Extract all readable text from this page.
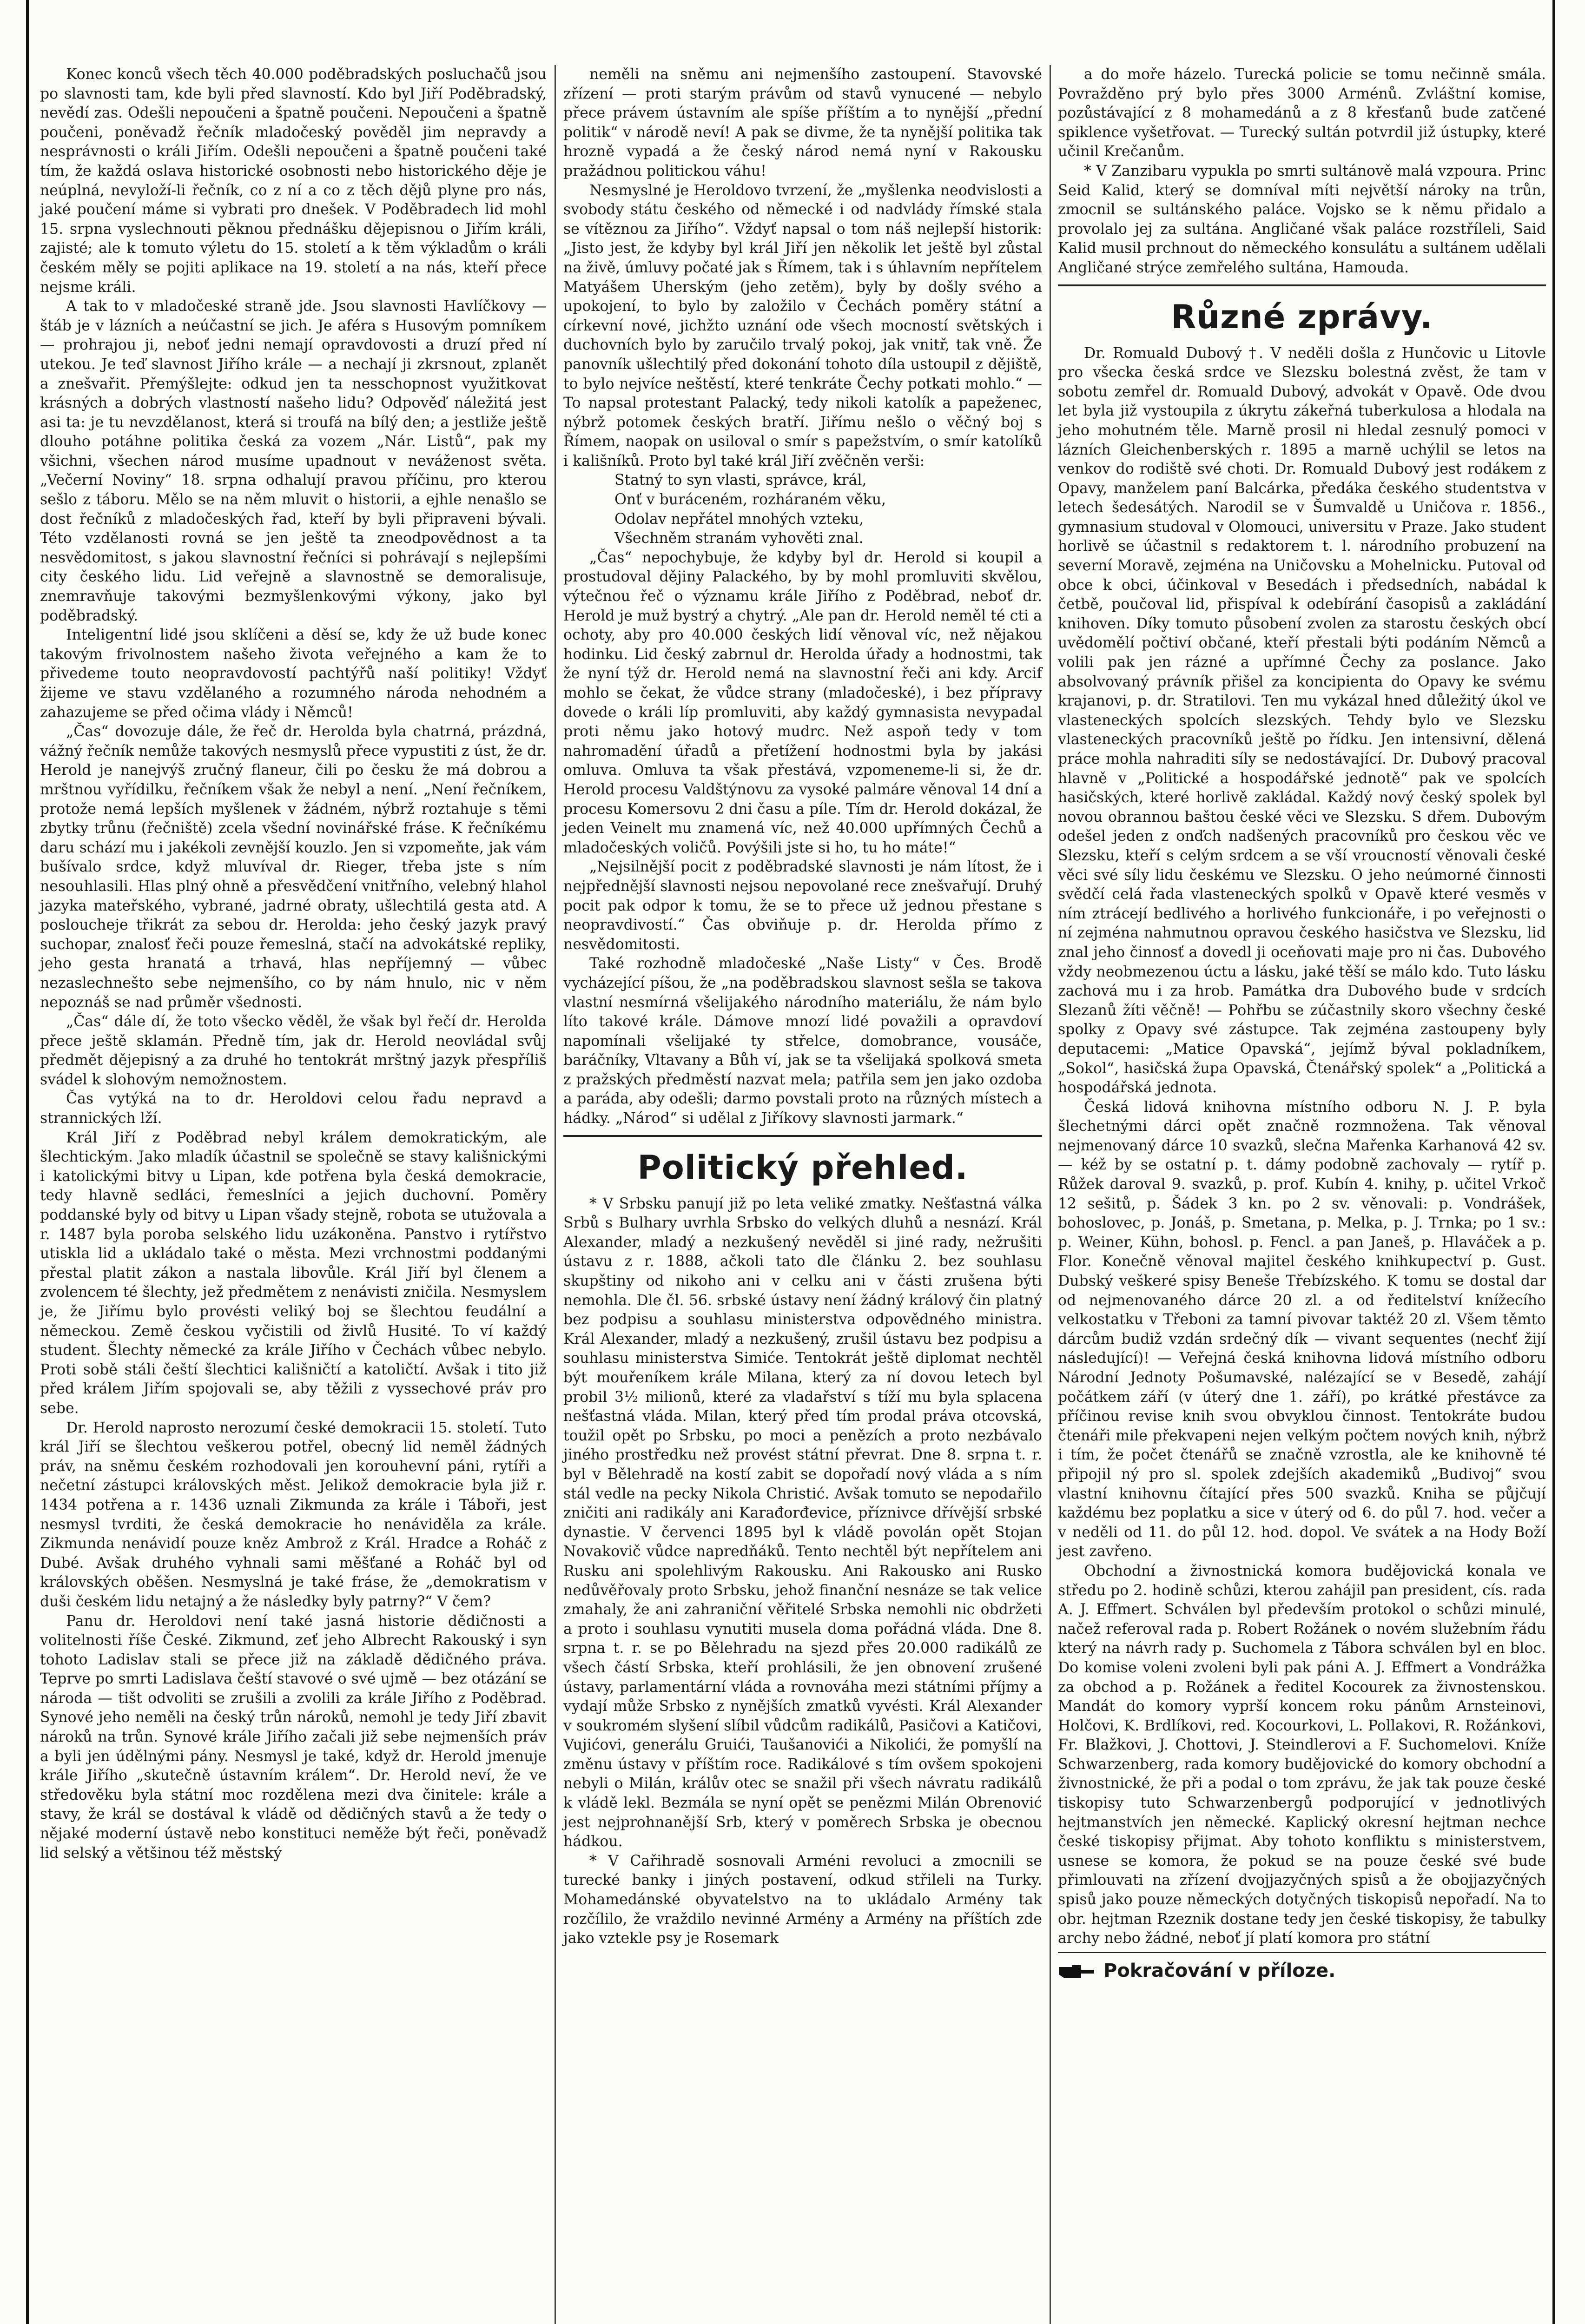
Konec konců všech těch 40.000 poděbradských posluchačů jsou po slavnosti tam, kde byli před slavností. Kdo byl Jiří Poděbradský, nevědí zas. Odešli nepoučeni a špatně poučeni. Nepoučeni a špatně poučeni, poněvadž řečník mladočeský pověděl jim nepravdy a nesprávnosti o králi Jiřím. Odešli nepoučeni a špatně poučeni také tím, že každá oslava historické osobnosti nebo historického děje je neúplná, nevyloží-li řečník, co z ní a co z těch dějů plyne pro nás, jaké poučení máme si vybrati pro dnešek. V Poděbradech lid mohl 15. srpna vyslechnouti pěknou přednášku dějepisnou o Jiřím králi, zajisté; ale k tomuto výletu do 15. století a k těm výkladům o králi českém měly se pojiti aplikace na 19. století a na nás, kteří přece nejsme králi.

A tak to v mladočeské straně jde. Jsou slavnosti Havlíčkovy — štáb je v lázních a neúčastní se jich. Je aféra s Husovým pomníkem — prohrajou ji, neboť jedni nemají opravdovosti a druzí před ní utekou. Je teď slavnost Jiřího krále — a nechají ji zkrsnout, zplanět a znešvařit. Přemýšlejte: odkud jen ta nesschopnost využitkovat krásných a dobrých vlastností našeho lidu? Odpověď náležitá jest asi ta: je tu nevzdělanost, která si troufá na bílý den; a jestliže ještě dlouho potáhne politika česká za vozem „Nár. Listů“, pak my všichni, všechen národ musíme upadnout v neváženost světa. „Večerní Noviny“ 18. srpna odhalují pravou příčinu, pro kterou sešlo z táboru. Mělo se na něm mluvit o historii, a ejhle nenašlo se dost řečníků z mladočeských řad, kteří by byli připraveni bývali. Této vzdělanosti rovná se jen ještě ta zneodpovědnost a ta nesvědomitost, s jakou slavnostní řečníci si pohrávají s nejlepšími city českého lidu. Lid veřejně a slavnostně se demoralisuje, znemravňuje takovými bezmyšlenkovými výkony, jako byl poděbradský.

Inteligentní lidé jsou sklíčeni a děsí se, kdy že už bude konec takovým frivolnostem našeho života veřejného a kam že to přivedeme touto neopravdovostí pachtýřů naší politiky! Vždyť žijeme ve stavu vzdělaného a rozumného národa nehodném a zahazujeme se před očima vlády i Němců!

„Čas“ dovozuje dále, že řeč dr. Herolda byla chatrná, prázdná, vážný řečník nemůže takových nesmyslů přece vypustiti z úst, že dr. Herold je nanejvýš zručný flaneur, čili po česku že má dobrou a mrštnou vyřídilku, řečníkem však že nebyl a není. „Není řečníkem, protože nemá lepších myšlenek v žádném, nýbrž roztahuje s těmi zbytky trůnu (řečniště) zcela všední novinářské fráse. K řečníkému daru schází mu i jakékoli zevnější kouzlo. Jen si vzpomeňte, jak vám bušívalo srdce, když mluvíval dr. Rieger, třeba jste s ním nesouhlasili. Hlas plný ohně a přesvědčení vnitřního, velebný hlahol jazyka mateřského, vybrané, jadrné obraty, ušlechtilá gesta atd. A posloucheje třikrát za sebou dr. Herolda: jeho český jazyk pravý suchopar, znalosť řeči pouze řemeslná, stačí na advokátské repliky, jeho gesta hranatá a trhavá, hlas nepříjemný — vůbec nezaslechnešto sebe nejmenšího, co by nám hnulo, nic v něm nepoznáš se nad průměr všednosti.

„Čas“ dále dí, že toto všecko věděl, že však byl řečí dr. Herolda přece ještě sklamán. Předně tím, jak dr. Herold neovládal svůj předmět dějepisný a za druhé ho tentokrát mrštný jazyk přespříliš svádel k slohovým nemožnostem.

Čas vytýká na to dr. Heroldovi celou řadu nepravd a strannických lží.

Král Jiří z Poděbrad nebyl králem demokratickým, ale šlechtickým. Jako mladík účastnil se společně se stavy kališnickými i katolickými bitvy u Lipan, kde potřena byla česká demokracie, tedy hlavně sedláci, řemeslníci a jejich duchovní. Poměry poddanské byly od bitvy u Lipan všady stejně, robota se utužovala a r. 1487 byla poroba selského lidu uzákoněna. Panstvo i rytířstvo utiskla lid a ukládalo také o města. Mezi vrchnostmi poddanými přestal platit zákon a nastala libovůle. Král Jiří byl členem a zvolencem té šlechty, jež předmětem z nenávisti zničila. Nesmyslem je, že Jiřímu bylo provésti veliký boj se šlechtou feudální a německou. Země českou vyčistili od živlů Husité. To ví každý student. Šlechty německé za krále Jiřího v Čechách vůbec nebylo. Proti sobě stáli čeští šlechtici kališničtí a katoličtí. Avšak i tito již před králem Jiřím spojovali se, aby těžili z vyssechové práv pro sebe.

Dr. Herold naprosto nerozumí české demokracii 15. století. Tuto král Jiří se šlechtou veškerou potřel, obecný lid neměl žádných práv, na sněmu českém rozhodovali jen korouhevní páni, rytíři a nečetní zástupci královských měst. Jelikož demokracie byla již r. 1434 potřena a r. 1436 uznali Zikmunda za krále i Táboři, jest nesmysl tvrditi, že česká demokracie ho nenáviděla za krále. Zikmunda nenávidí pouze kněz Ambrož z Král. Hradce a Roháč z Dubé. Avšak druhého vyhnali sami měšťané a Roháč byl od královských oběšen. Nesmyslná je také fráse, že „demokratism v duši českém lidu netajný a že následky byly patrny?“ V čem?

Panu dr. Heroldovi není také jasná historie dědičnosti a volitelnosti říše České. Zikmund, zeť jeho Albrecht Rakouský i syn tohoto Ladislav stali se přece již na základě dědičného práva. Teprve po smrti Ladislava čeští stavové o své ujmě — bez otázání se národa — tišt odvoliti se zrušili a zvolili za krále Jiřího z Poděbrad. Synové jeho neměli na český trůn nároků, nemohl je tedy Jiří zbavit nároků na trůn. Synové krále Jiřího začali již sebe nejmenších práv a byli jen údělnými pány. Nesmysl je také, když dr. Herold jmenuje krále Jiřího „skutečně ústavním králem“. Dr. Herold neví, že ve středověku byla státní moc rozdělena mezi dva činitele: krále a stavy, že král se dostával k vládě od dědičných stavů a že tedy o nějaké moderní ústavě nebo konstituci neměže být řeči, poněvadž lid selský a většinou též městský

neměli na sněmu ani nejmenšího zastoupení. Stavovské zřízení — proti starým právům od stavů vynucené — nebylo přece právem ústavním ale spíše příštím a to nynější „přední politik“ v národě neví! A pak se divme, že ta nynější politika tak hrozně vypadá a že český národ nemá nyní v Rakousku pražádnou politickou váhu!

Nesmyslné je Heroldovo tvrzení, že „myšlenka neodvislosti a svobody státu českého od německé i od nadvlády římské stala se vítěznou za Jiřího“. Vždyť napsal o tom náš nejlepší historik: „Jisto jest, že kdyby byl král Jiří jen několik let ještě byl zůstal na živě, úmluvy počaté jak s Římem, tak i s úhlavním nepřítelem Matyášem Uherským (jeho zetěm), byly by došly svého a upokojení, to bylo by založilo v Čechách poměry státní a církevní nové, jichžto uznání ode všech mocností světských i duchovních bylo by zaručilo trvalý pokoj, jak vnitř, tak vně. Že panovník ušlechtilý před dokonání tohoto díla ustoupil z dějiště, to bylo nejvíce neštěstí, které tenkráte Čechy potkati mohlo.“ — To napsal protestant Palacký, tedy nikoli katolík a papeženec, nýbrž potomek českých bratří. Jiřímu nešlo o věčný boj s Římem, naopak on usiloval o smír s papežstvím, o smír katolíků i kališníků. Proto byl také král Jiří zvěčněn verši:

Statný to syn vlasti, správce, král,
Onť v buráceném, rozháraném věku,
Odolav nepřátel mnohých vzteku,
Všechněm stranám vyhověti znal.

„Čas“ nepochybuje, že kdyby byl dr. Herold si koupil a prostudoval dějiny Palackého, by by mohl promluviti skvělou, výtečnou řeč o významu krále Jiřího z Poděbrad, neboť dr. Herold je muž bystrý a chytrý. „Ale pan dr. Herold neměl té cti a ochoty, aby pro 40.000 českých lidí věnoval víc, než nějakou hodinku. Lid český zabrnul dr. Herolda úřady a hodnostmi, tak že nyní týž dr. Herold nemá na slavnostní řeči ani kdy. Arcif mohlo se čekat, že vůdce strany (mladočeské), i bez přípravy dovede o králi líp promluviti, aby každý gymnasista nevypadal proti němu jako hotový mudrc. Než aspoň tedy v tom nahromadění úřadů a přetížení hodnostmi byla by jakási omluva. Omluva ta však přestává, vzpomeneme-li si, že dr. Herold procesu Valdštýnovu za vysoké palmáre věnoval 14 dní a procesu Komersovu 2 dni času a píle. Tím dr. Herold dokázal, že jeden Veinelt mu znamená víc, než 40.000 upřímných Čechů a mladočeských voličů. Povýšili jste si ho, tu ho máte!“

„Nejsilnější pocit z poděbradské slavnosti je nám lítost, že i nejpřednější slavnosti nejsou nepovolané rece znešvařují. Druhý pocit pak odpor k tomu, že se to přece už jednou přestane s neopravdivostí.“ Čas obviňuje p. dr. Herolda přímo z nesvědomitosti.

Také rozhodně mladočeské „Naše Listy“ v Čes. Brodě vycházející píšou, že „na poděbradskou slavnost sešla se takova vlastní nesmírná všelijakého národního materiálu, že nám bylo líto takové krále. Dámove mnozí lidé považili a opravdoví napomínali všelijaké ty střelce, domobrance, vousáče, baráčníky, Vltavany a Bůh ví, jak se ta všelijaká spolková smeta z pražských předměstí nazvat mela; patřila sem jen jako ozdoba a paráda, aby odešli; darmo povstali proto na různých místech a hádky. „Národ“ si udělal z Jiříkovy slavnosti jarmark.“

Politický přehled.

* V Srbsku panují již po leta veliké zmatky. Nešťastná válka Srbů s Bulhary uvrhla Srbsko do velkých dluhů a nesnází. Král Alexander, mladý a nezkušený nevěděl si jiné rady, nežrušiti ústavu z r. 1888, ačkoli tato dle článku 2. bez souhlasu skupštiny od nikoho ani v celku ani v části zrušena býti nemohla. Dle čl. 56. srbské ústavy není žádný králový čin platný bez podpisu a souhlasu ministerstva odpovědného ministra. Král Alexander, mladý a nezkušený, zrušil ústavu bez podpisu a souhlasu ministerstva Simiće. Tentokrát ještě diplomat nechtěl být mouřeníkem krále Milana, který za ní dovou letech byl probil 3½ milionů, které za vladařství s tíží mu byla splacena nešťastná vláda. Milan, který před tím prodal práva otcovská, toužil opět po Srbsku, po moci a penězích a proto nezbávalo jiného prostředku než provést státní převrat. Dne 8. srpna t. r. byl v Bělehradě na kostí zabit se dopořadí nový vláda a s ním stál vedle na pecky Nikola Christić. Avšak tomuto se nepodařilo zničiti ani radikály ani Karađorđevice, příznivce dřívější srbské dynastie. V červenci 1895 byl k vládě povolán opět Stojan Novakovič vůdce napredňáků. Tento nechtěl být nepřítelem ani Rusku ani spolehlivým Rakousku. Ani Rakousko ani Rusko nedůvěřovaly proto Srbsku, jehož finanční nesnáze se tak velice zmahaly, že ani zahraniční věřitelé Srbska nemohli nic obdržeti a proto i souhlasu vynutiti musela doma pořádná vláda. Dne 8. srpna t. r. se po Bělehradu na sjezd přes 20.000 radikálů ze všech částí Srbska, kteří prohlásili, že jen obnovení zrušené ústavy, parlamentární vláda a rovnováha mezi státními příjmy a vydají může Srbsko z nynějších zmatků vyvésti. Král Alexander v soukromém slyšení slíbil vůdcům radikálů, Pasičovi a Katičovi, Vujićovi, generálu Gruići, Taušanovići a Nikolići, že pomyšlí na změnu ústavy v příštím roce. Radikálové s tím ovšem spokojeni nebyli o Milán, králův otec se snažil při všech návratu radikálů k vládě lekl. Bezmála se nyní opět se penězmi Milán Obrenović jest nejprohnanější Srb, který v poměrech Srbska je obecnou hádkou.

* V Cařihradě sosnovali Arméni revoluci a zmocnili se turecké banky i jiných postavení, odkud střileli na Turky. Mohamedánské obyvatelstvo na to ukládalo Armény tak rozčílilo, že vraždilo nevinné Armény a Armény na příštích zde jako vztekle psy je Rosemark

a do moře házelo. Turecká policie se tomu nečinně smála. Povražděno prý bylo přes 3000 Arménů. Zvláštní komise, pozůstávající z 8 mohamedánů a z 8 křesťanů bude zatčené spiklence vyšetřovat. — Turecký sultán potvrdil již ústupky, které učinil Krečanům.

* V Zanzibaru vypukla po smrti sultánově malá vzpoura. Princ Seid Kalid, který se domníval míti největší nároky na trůn, zmocnil se sultánského paláce. Vojsko se k němu přidalo a provolalo jej za sultána. Angličané však paláce rozstříleli, Said Kalid musil prchnout do německého konsulátu a sultánem udělali Angličané strýce zemřelého sultána, Hamouda.

Různé zprávy.

Dr. Romuald Dubový †. V neděli došla z Hunčovic u Litovle pro všecka česká srdce ve Slezsku bolestná zvěst, že tam v sobotu zemřel dr. Romuald Dubový, advokát v Opavě. Ode dvou let byla již vystoupila z úkrytu zákeřná tuberkulosa a hlodala na jeho mohutném těle. Marně prosil ni hledal zesnulý pomoci v lázních Gleichenberských r. 1895 a marně uchýlil se letos na venkov do rodiště své choti. Dr. Romuald Dubový jest rodákem z Opavy, manželem paní Balcárka, předáka českého studentstva v letech šedesátých. Narodil se v Šumvaldě u Uničova r. 1856., gymnasium studoval v Olomouci, universitu v Praze. Jako student horlivě se účastnil s redaktorem t. l. národního probuzení na severní Moravě, zejména na Uničovsku a Mohelnicku. Putoval od obce k obci, účinkoval v Besedách i předsedních, nabádal k četbě, poučoval lid, přispíval k odebírání časopisů a zakládání knihoven. Díky tomuto působení zvolen za starostu českých obcí uvědomělí počtiví občané, kteří přestali býti podáním Němců a volili pak jen rázné a upřímné Čechy za poslance. Jako absolvovaný právník přišel za koncipienta do Opavy ke svému krajanovi, p. dr. Stratilovi. Ten mu vykázal hned důležitý úkol ve vlasteneckých spolcích slezských. Tehdy bylo ve Slezsku vlasteneckých pracovníků ještě po řídku. Jen intensivní, dělená práce mohla nahraditi síly se nedostávající. Dr. Dubový pracoval hlavně v „Politické a hospodářské jednotě“ pak ve spolcích hasičských, které horlivě zakládal. Každý nový český spolek byl novou obrannou baštou české věci ve Slezsku. S dřem. Dubovým odešel jeden z onďch nadšených pracovníků pro českou věc ve Slezsku, kteří s celým srdcem a se vší vroucností věnovali české věci své síly lidu českému ve Slezsku. O jeho neúmorné činnosti svědčí celá řada vlasteneckých spolků v Opavě které vesměs v ním ztrácejí bedlivého a horlivého funkcionáře, i po veřejnosti o ní zejména nahmutnou opravou českého hasičstva ve Slezsku, lid znal jeho činnosť a dovedl ji oceňovati maje pro ni čas. Dubového vždy neobmezenou úctu a lásku, jaké těší se málo kdo. Tuto lásku zachová mu i za hrob. Památka dra Dubového bude v srdcích Slezanů žíti věčně! — Pohřbu se zúčastnily skoro všechny české spolky z Opavy své zástupce. Tak zejména zastoupeny byly deputacemi: „Matice Opavská“, jejímž býval pokladníkem, „Sokol“, hasičská župa Opavská, Čtenářský spolek“ a „Politická a hospodářská jednota.

Česká lidová knihovna místního odboru N. J. P. byla šlechetnými dárci opět značně rozmnožena. Tak věnoval nejmenovaný dárce 10 svazků, slečna Mařenka Karhanová 42 sv. — kéž by se ostatní p. t. dámy podobně zachovaly — rytíř p. Růžek daroval 9. svazků, p. prof. Kubín 4. knihy, p. učitel Vrkoč 12 sešitů, p. Šádek 3 kn. po 2 sv. věnovali: p. Vondrášek, bohoslovec, p. Jonáš, p. Smetana, p. Melka, p. J. Trnka; po 1 sv.: p. Weiner, Kühn, bohosl. p. Fencl. a pan Janeš, p. Hlaváček a p. Flor. Konečně věnoval majitel českého knihkupectví p. Gust. Dubský veškeré spisy Beneše Třebízského. K tomu se dostal dar od nejmenovaného dárce 20 zl. a od ředitelství knížecího velkostatku v Třeboni za tamní pivovar taktéž 20 zl. Všem těmto dárcům budiž vzdán srdečný dík — vivant sequentes (nechť žijí následující)! — Veřejná česká knihovna lidová místního odboru Národní Jednoty Pošumavské, nalézající se v Besedě, zahájí počátkem září (v úterý dne 1. září), po krátké přestávce za příčinou revise knih svou obvyklou činnost. Tentokráte budou čtenáři mile překvapeni nejen velkým počtem nových knih, nýbrž i tím, že počet čtenářů se značně vzrostla, ale ke knihovně té připojil ný pro sl. spolek zdejších akademiků „Budivoj“ svou vlastní knihovnu čítající přes 500 svazků. Kniha se půjčují každému bez poplatku a sice v úterý od 6. do půl 7. hod. večer a v neděli od 11. do půl 12. hod. dopol. Ve svátek a na Hody Boží jest zavřeno.

Obchodní a živnostnická komora budějovická konala ve středu po 2. hodině schůzi, kterou zahájil pan president, cís. rada A. J. Effmert. Schválen byl především protokol o schůzi minulé, načež referoval rada p. Robert Rožánek o novém služebním řádu který na návrh rady p. Suchomela z Tábora schválen byl en bloc. Do komise voleni zvoleni byli pak páni A. J. Effmert a Vondrážka za obchod a p. Rožánek a ředitel Kocourek za živnostenskou. Mandát do komory vyprší koncem roku pánům Arnsteinovi, Holčovi, K. Brdlíkovi, red. Kocourkovi, L. Pollakovi, R. Rožánkovi, Fr. Blažkovi, J. Chottovi, J. Steindlerovi a F. Suchomelovi. Kníže Schwarzenberg, rada komory budějovické do komory obchodní a živnostnické, že při a podal o tom zprávu, že jak tak pouze české tiskopisy tuto Schwarzenbergů podporující v jednotlivých hejtmanstvích jen německé. Kaplický okresní hejtman nechce české tiskopisy přijmat. Aby tohoto konfliktu s ministerstvem, usnese se komora, že pokud se na pouze české své bude přimlouvati na zřízení dvojjazyčných spisů a že obojjazyčných spisů jako pouze německých dotyčných tiskopisů nepořadí. Na to obr. hejtman Rzeznik dostane tedy jen české tiskopisy, že tabulky archy nebo žádné, neboť jí platí komora pro státní

Pokračování v příloze.
